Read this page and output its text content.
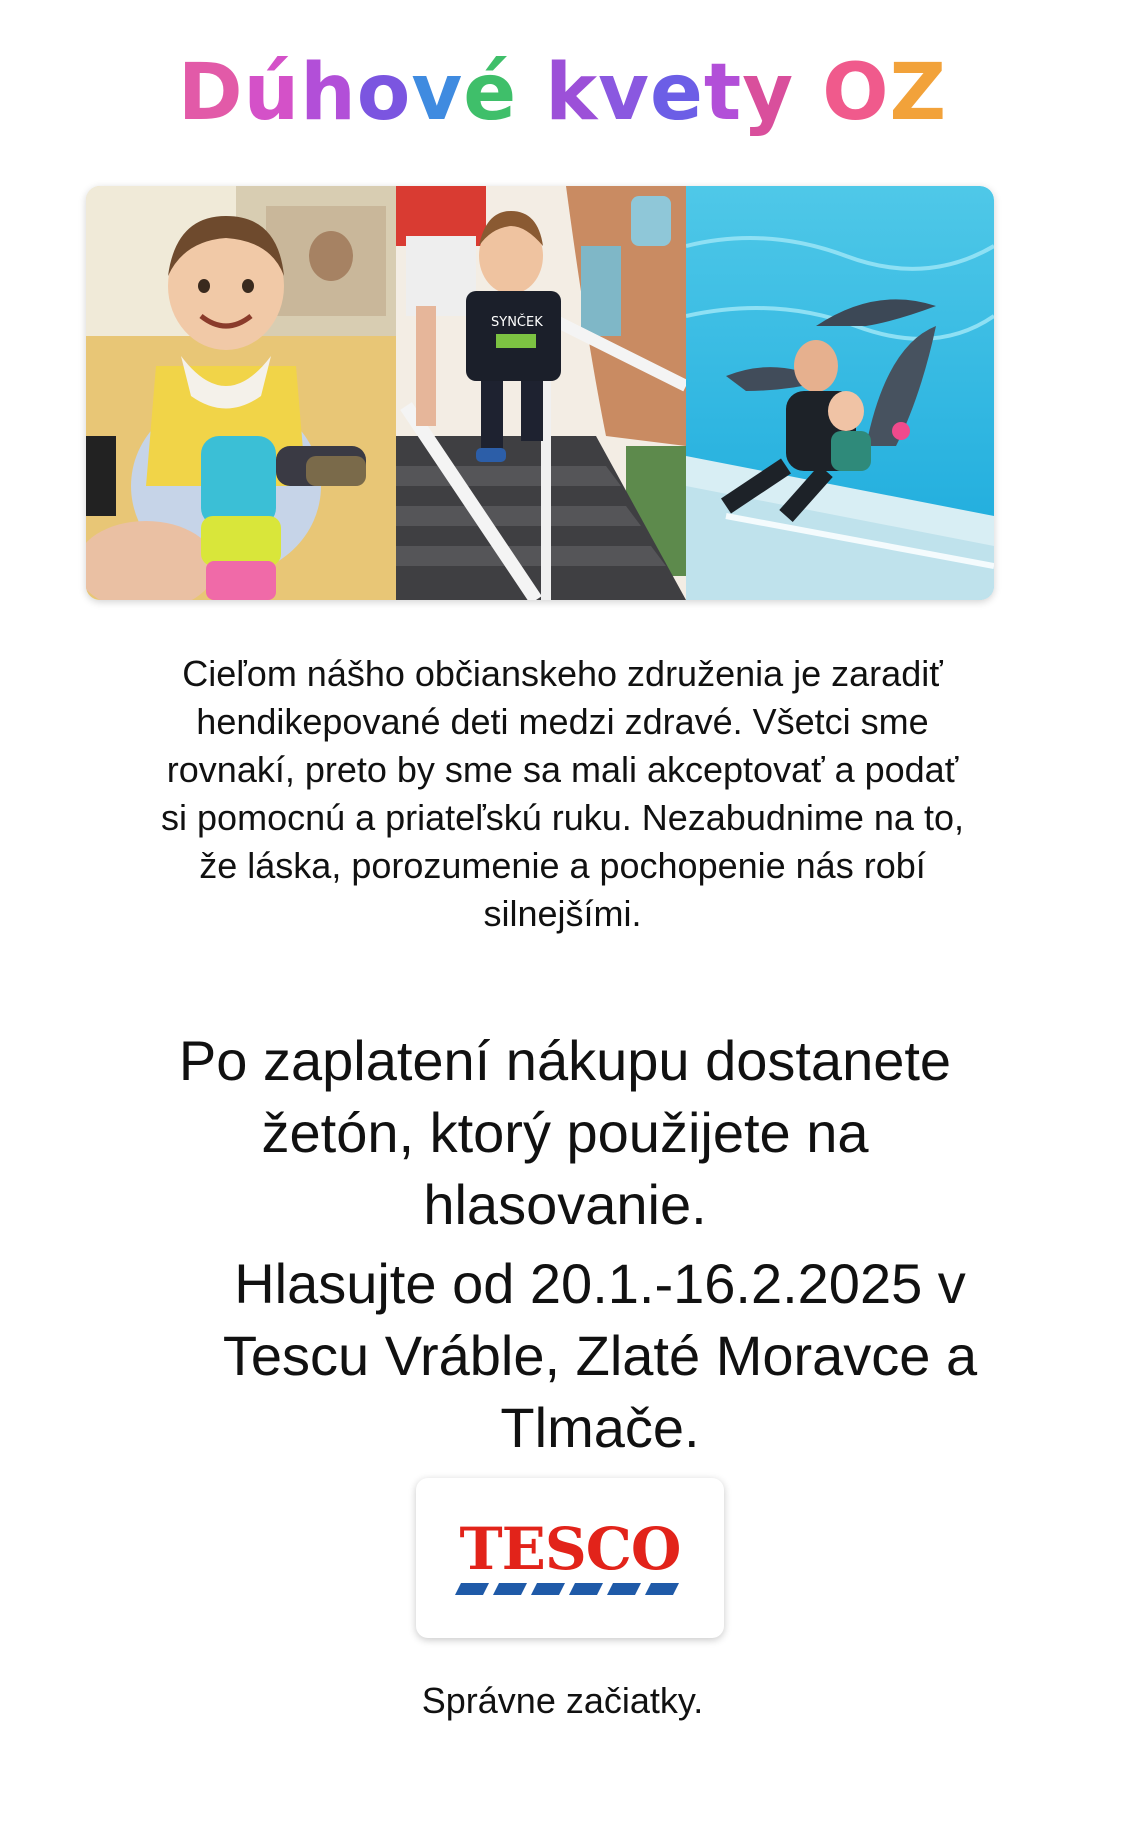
Dúhové kvety OZ
SYNČEK
Cieľom nášho občianskeho združenia je zaradiť hendikepované deti medzi zdravé. Všetci sme rovnakí, preto by sme sa mali akceptovať a podať si pomocnú a priateľskú ruku. Nezabudnime na to, že láska, porozumenie a pochopenie nás robí silnejšími.
Po zaplatení nákupu dostanete žetón, ktorý použijete na hlasovanie.
Hlasujte od 20.1.-16.2.2025 v Tescu Vráble, Zlaté Moravce a Tlmače.
TESCO
Správne začiatky.
